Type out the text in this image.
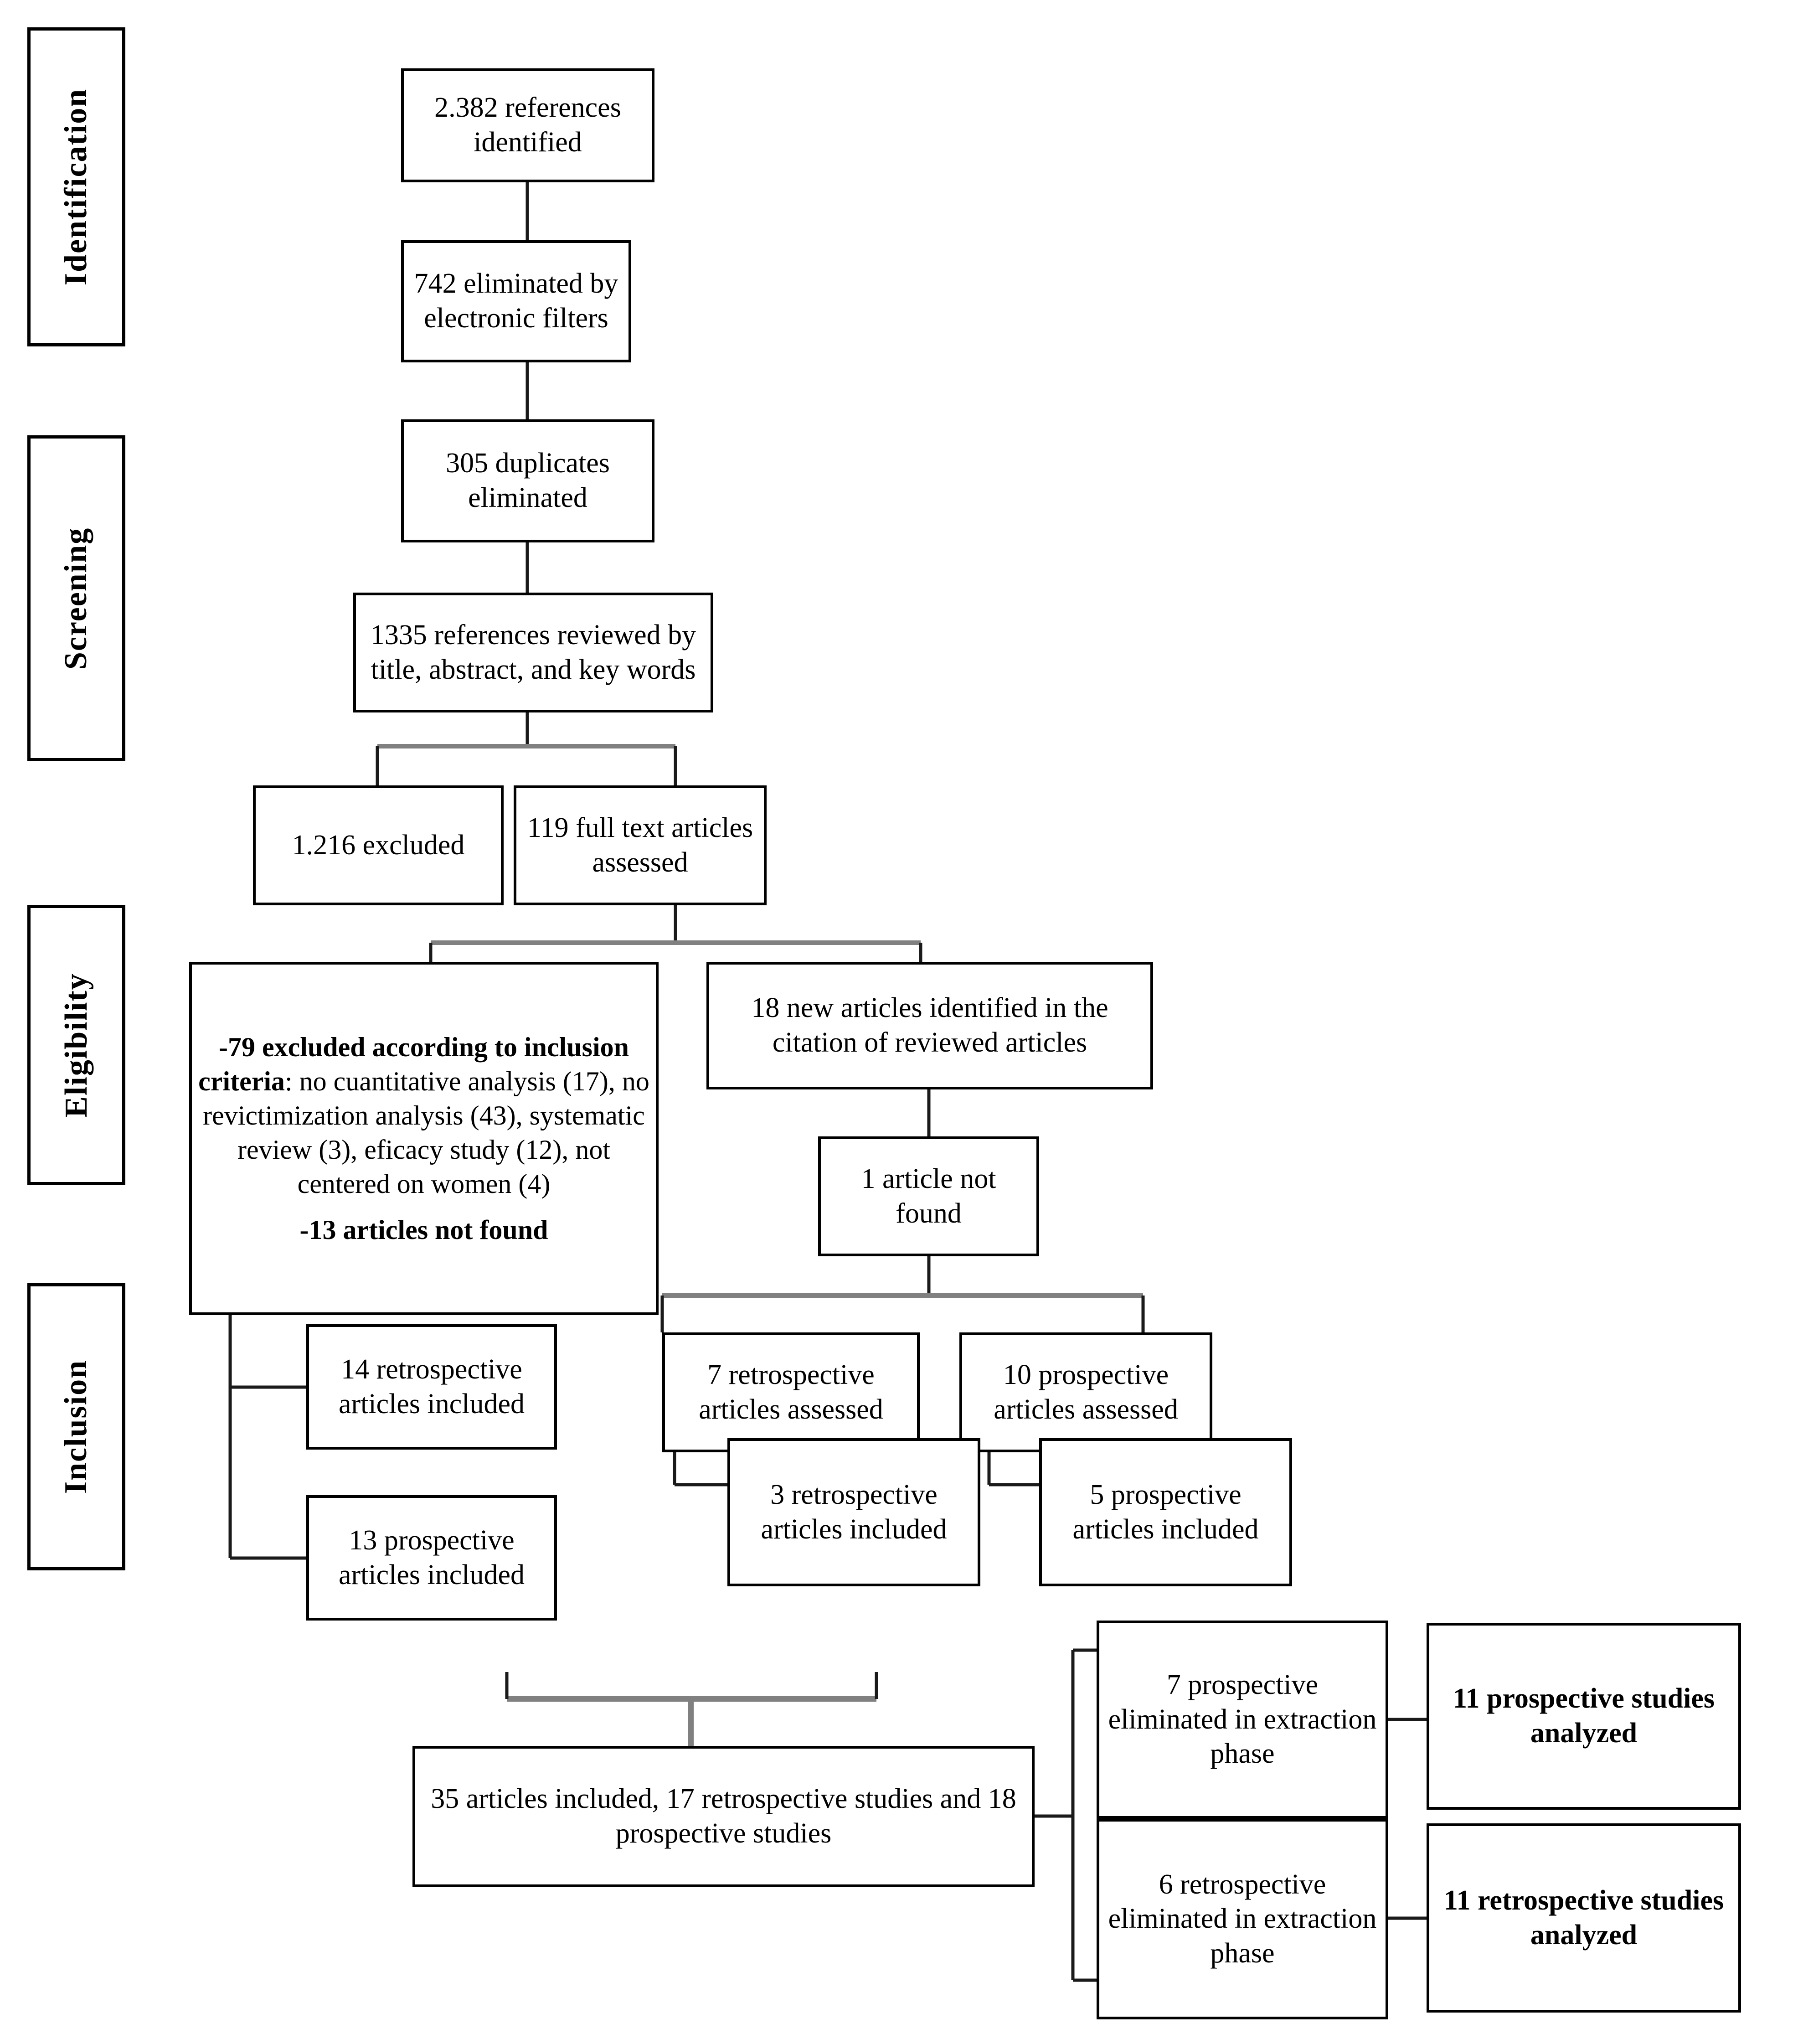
Identification
Screening
Eligibility
Inclusion
2.382 references identified
742 eliminated by electronic filters
305 duplicates eliminated
1335 references reviewed by title, abstract, and key words
1.216 excluded
119 full text articles assessed
-79 excluded according to inclusion criteria: no cuantitative analysis (17), no revictimization analysis (43), systematic review (3), eficacy study (12), not centered on women (4)
-13 articles not found
18 new articles identified in the citation of reviewed articles
1 article not found
7 retrospective articles assessed
10 prospective articles assessed
14 retrospective articles included
13 prospective articles included
3 retrospective articles included
5 prospective articles included
35 articles included, 17 retrospective studies and 18 prospective studies
7 prospective eliminated in extraction phase
6 retrospective eliminated in extraction phase
11 prospective studies analyzed
11 retrospective studies analyzed
